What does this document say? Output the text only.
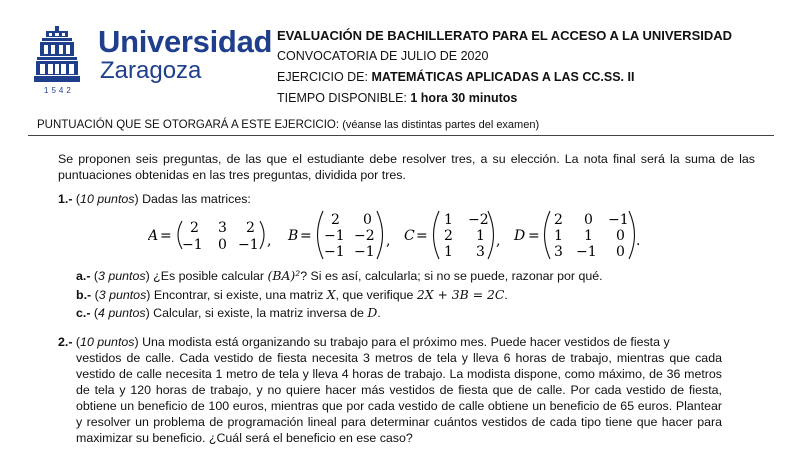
1542
Universidad
Zaragoza
EVALUACIÓN DE BACHILLERATO PARA EL ACCESO A LA UNIVERSIDAD
CONVOCATORIA DE JULIO DE 2020
EJERCICIO DE: MATEMÁTICAS APLICADAS A LAS CC.SS. II
TIEMPO DISPONIBLE: 1 hora 30 minutos
PUNTUACIÓN QUE SE OTORGARÁ A ESTE EJERCICIO: (véanse las distintas partes del examen)
Se proponen seis preguntas, de las que el estudiante debe resolver tres, a su elección. La nota final será la suma de las puntuaciones obtenidas en las tres preguntas, dividida por tres.
1.- (10 puntos) Dadas las matrices:
A = 2 3 2
−1 0 −1 , B =
2 0
−1 −2
−1 −1
, C =
1 −2
2 1
1 3
, D =
2 0 −1
1 1 0
3 −1 0
.
a.- (3 puntos) ¿Es posible calcular (BA)²? Si es así, calcularla; si no se puede, razonar por qué.
b.- (3 puntos) Encontrar, si existe, una matriz X, que verifique 2X + 3B = 2C.
c.- (4 puntos) Calcular, si existe, la matriz inversa de D.
2.- (10 puntos) Una modista está organizando su trabajo para el próximo mes. Puede hacer vestidos de fiesta y
vestidos de calle. Cada vestido de fiesta necesita 3 metros de tela y lleva 6 horas de trabajo, mientras que cada vestido de calle necesita 1 metro de tela y lleva 4 horas de trabajo. La modista dispone, como máximo, de 36 metros de tela y 120 horas de trabajo, y no quiere hacer más vestidos de fiesta que de calle. Por cada vestido de fiesta, obtiene un beneficio de 100 euros, mientras que por cada vestido de calle obtiene un beneficio de 65 euros. Plantear y resolver un problema de programación lineal para determinar cuántos vestidos de cada tipo tiene que hacer para maximizar su beneficio. ¿Cuál será el beneficio en ese caso?
